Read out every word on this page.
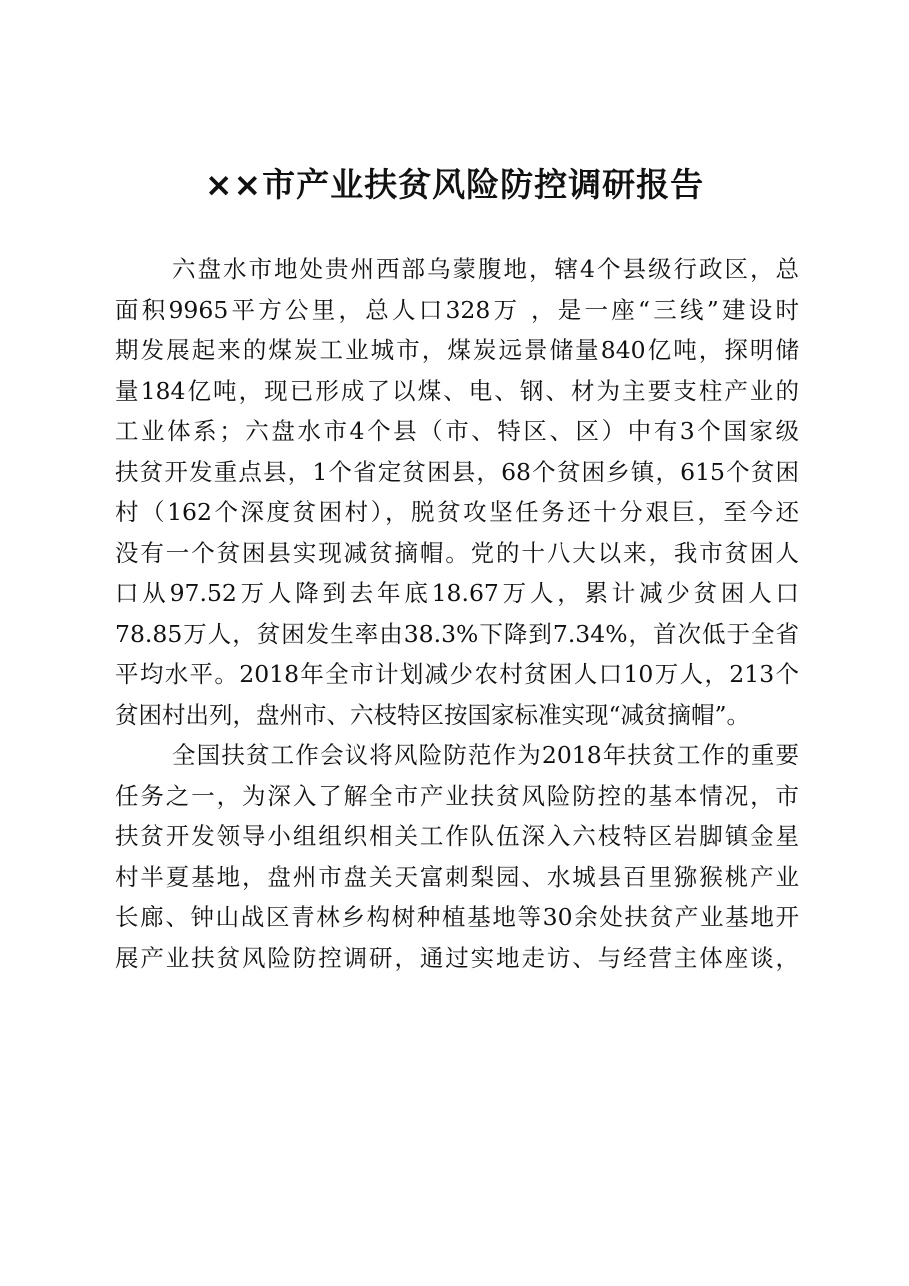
××市产业扶贫风险防控调研报告

六盘水市地处贵州西部乌蒙腹地，辖4个县级行政区，总
面积9965平方公里，总人口328万 ，是一座“三线”建设时
期发展起来的煤炭工业城市，煤炭远景储量840亿吨，探明储
量184亿吨，现已形成了以煤、电、钢、材为主要支柱产业的
工业体系；六盘水市4个县（市、特区、区）中有3个国家级
扶贫开发重点县，1个省定贫困县，68个贫困乡镇，615个贫困
村（162个深度贫困村），脱贫攻坚任务还十分艰巨，至今还
没有一个贫困县实现减贫摘帽。党的十八大以来，我市贫困人
口从97.52万人降到去年底18.67万人，累计减少贫困人口
78.85万人，贫困发生率由38.3%下降到7.34%，首次低于全省
平均水平。2018年全市计划减少农村贫困人口10万人，213个
贫困村出列，盘州市、六枝特区按国家标准实现“减贫摘帽”。

全国扶贫工作会议将风险防范作为2018年扶贫工作的重要
任务之一，为深入了解全市产业扶贫风险防控的基本情况，市
扶贫开发领导小组组织相关工作队伍深入六枝特区岩脚镇金星
村半夏基地，盘州市盘关天富刺梨园、水城县百里猕猴桃产业
长廊、钟山战区青林乡构树种植基地等30余处扶贫产业基地开
展产业扶贫风险防控调研，通过实地走访、与经营主体座谈，
